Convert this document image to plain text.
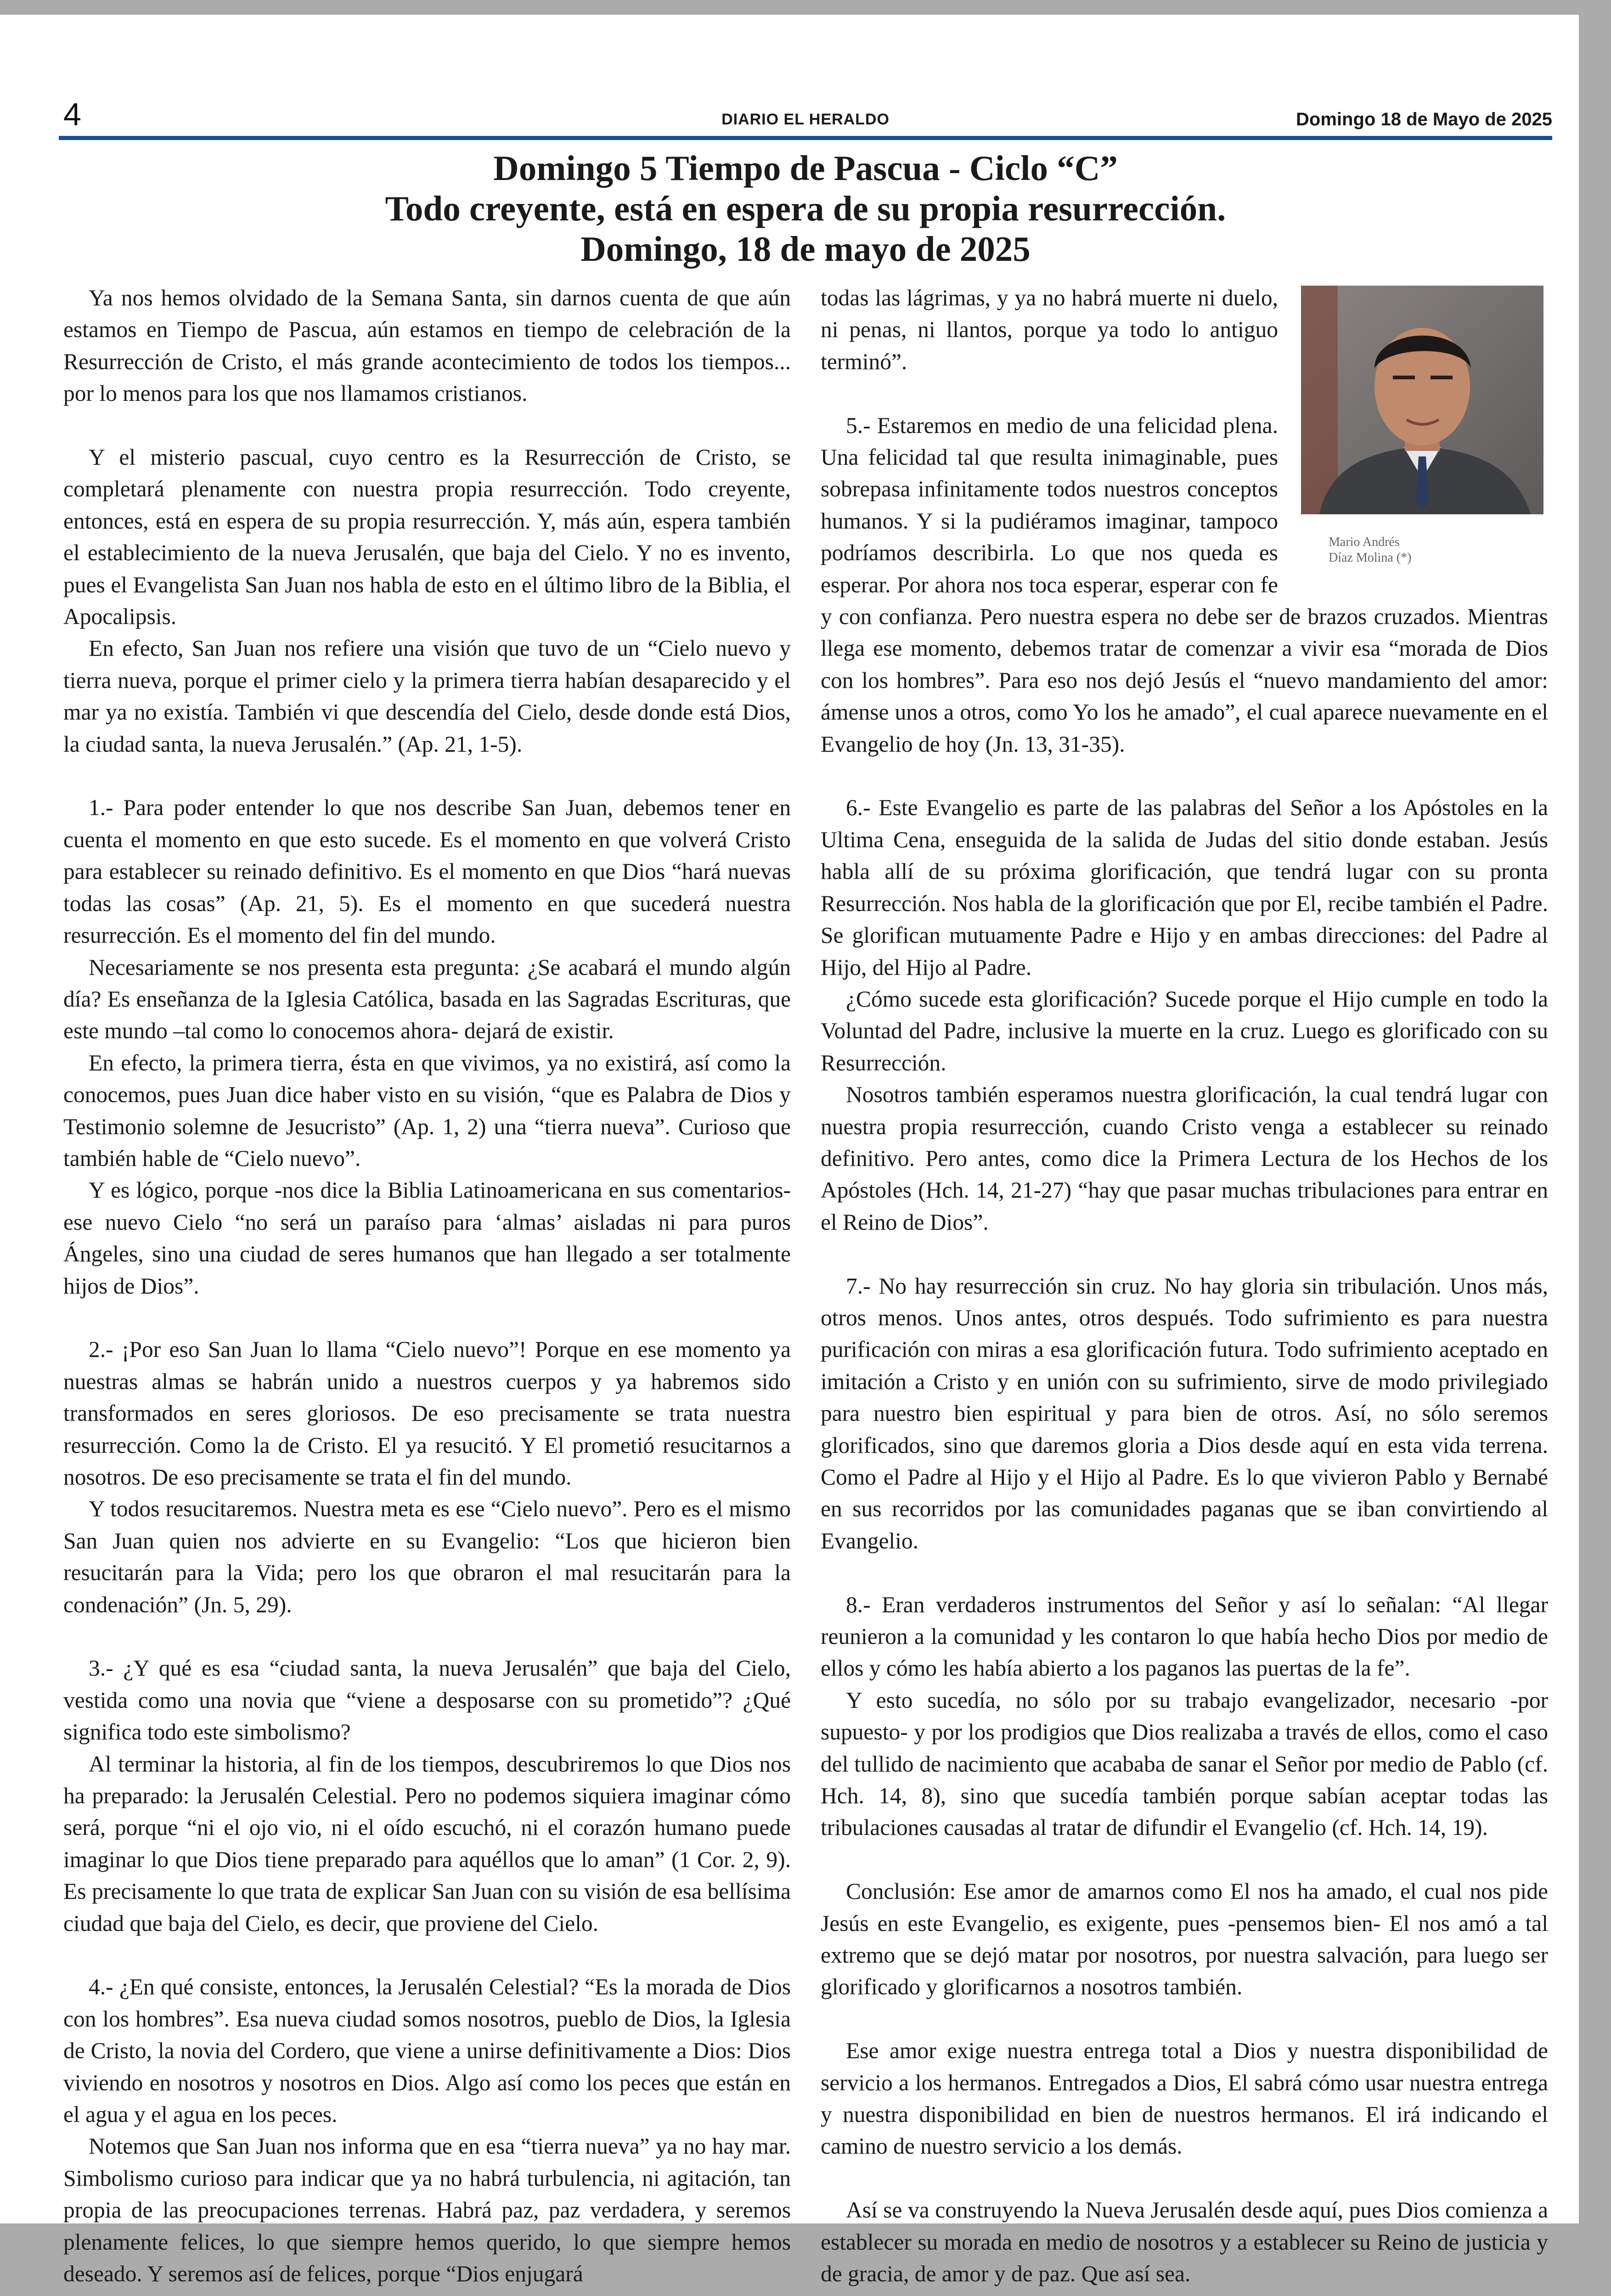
4	DIARIO EL HERALDO	Domingo 18 de Mayo de 2025
Domingo 5 Tiempo de Pascua - Ciclo “C”
Todo creyente, está en espera de su propia resurrección.
Domingo, 18 de mayo de 2025

Ya nos hemos olvidado de la Semana Santa, sin darnos cuenta de que aún estamos en Tiempo de Pascua, aún estamos en tiempo de celebración de la Resurrección de Cristo, el más grande acontecimiento de todos los tiempos... por lo menos para los que nos llamamos cristianos.

Y el misterio pascual, cuyo centro es la Resurrección de Cristo, se completará plenamente con nuestra propia resurrección. Todo creyente, entonces, está en espera de su propia resurrección. Y, más aún, espera también el establecimiento de la nueva Jerusalén, que baja del Cielo. Y no es invento, pues el Evangelista San Juan nos habla de esto en el último libro de la Biblia, el Apocalipsis.

En efecto, San Juan nos refiere una visión que tuvo de un “Cielo nuevo y tierra nueva, porque el primer cielo y la primera tierra habían desaparecido y el mar ya no existía. También vi que descendía del Cielo, desde donde está Dios, la ciudad santa, la nueva Jerusalén.” (Ap. 21, 1-5).

1.- Para poder entender lo que nos describe San Juan, debemos tener en cuenta el momento en que esto sucede. Es el momento en que volverá Cristo para establecer su reinado definitivo. Es el momento en que Dios “hará nuevas todas las cosas” (Ap. 21, 5). Es el momento en que sucederá nuestra resurrección. Es el momento del fin del mundo.

Necesariamente se nos presenta esta pregunta: ¿Se acabará el mundo algún día? Es enseñanza de la Iglesia Católica, basada en las Sagradas Escrituras, que este mundo –tal como lo conocemos ahora- dejará de existir.

En efecto, la primera tierra, ésta en que vivimos, ya no existirá, así como la conocemos, pues Juan dice haber visto en su visión, “que es Palabra de Dios y Testimonio solemne de Jesucristo” (Ap. 1, 2) una “tierra nueva”. Curioso que también hable de “Cielo nuevo”.

Y es lógico, porque -nos dice la Biblia Latinoamericana en sus comentarios- ese nuevo Cielo “no será un paraíso para ‘almas’ aisladas ni para puros Ángeles, sino una ciudad de seres humanos que han llegado a ser totalmente hijos de Dios”.

2.- ¡Por eso San Juan lo llama “Cielo nuevo”! Porque en ese momento ya nuestras almas se habrán unido a nuestros cuerpos y ya habremos sido transformados en seres gloriosos. De eso precisamente se trata nuestra resurrección. Como la de Cristo. El ya resucitó. Y El prometió resucitarnos a nosotros. De eso precisamente se trata el fin del mundo.

Y todos resucitaremos. Nuestra meta es ese “Cielo nuevo”. Pero es el mismo San Juan quien nos advierte en su Evangelio: “Los que hicieron bien resucitarán para la Vida; pero los que obraron el mal resucitarán para la condenación” (Jn. 5, 29).

3.- ¿Y qué es esa “ciudad santa, la nueva Jerusalén” que baja del Cielo, vestida como una novia que “viene a desposarse con su prometido”? ¿Qué significa todo este simbolismo?

Al terminar la historia, al fin de los tiempos, descubriremos lo que Dios nos ha preparado: la Jerusalén Celestial. Pero no podemos siquiera imaginar cómo será, porque “ni el ojo vio, ni el oído escuchó, ni el corazón humano puede imaginar lo que Dios tiene preparado para aquéllos que lo aman” (1 Cor. 2, 9). Es precisamente lo que trata de explicar San Juan con su visión de esa bellísima ciudad que baja del Cielo, es decir, que proviene del Cielo.

4.- ¿En qué consiste, entonces, la Jerusalén Celestial? “Es la morada de Dios con los hombres”. Esa nueva ciudad somos nosotros, pueblo de Dios, la Iglesia de Cristo, la novia del Cordero, que viene a unirse definitivamente a Dios: Dios viviendo en nosotros y nosotros en Dios. Algo así como los peces que están en el agua y el agua en los peces.

Notemos que San Juan nos informa que en esa “tierra nueva” ya no hay mar. Simbolismo curioso para indicar que ya no habrá turbulencia, ni agitación, tan propia de las preocupaciones terrenas. Habrá paz, paz verdadera, y seremos plenamente felices, lo que siempre hemos querido, lo que siempre hemos deseado. Y seremos así de felices, porque “Dios enjugará

Mario Andrés
Díaz Molina (*)

todas las lágrimas, y ya no habrá muerte ni duelo, ni penas, ni llantos, porque ya todo lo antiguo terminó”.

5.- Estaremos en medio de una felicidad plena. Una felicidad tal que resulta inimaginable, pues sobrepasa infinitamente todos nuestros conceptos humanos. Y si la pudiéramos imaginar, tampoco podríamos describirla. Lo que nos queda es esperar. Por ahora nos toca esperar, esperar con fe y con confianza. Pero nuestra espera no debe ser de brazos cruzados. Mientras llega ese momento, debemos tratar de comenzar a vivir esa “morada de Dios con los hombres”. Para eso nos dejó Jesús el “nuevo mandamiento del amor: ámense unos a otros, como Yo los he amado”, el cual aparece nuevamente en el Evangelio de hoy (Jn. 13, 31-35).

6.- Este Evangelio es parte de las palabras del Señor a los Apóstoles en la Ultima Cena, enseguida de la salida de Judas del sitio donde estaban. Jesús habla allí de su próxima glorificación, que tendrá lugar con su pronta Resurrección. Nos habla de la glorificación que por El, recibe también el Padre. Se glorifican mutuamente Padre e Hijo y en ambas direcciones: del Padre al Hijo, del Hijo al Padre.

¿Cómo sucede esta glorificación? Sucede porque el Hijo cumple en todo la Voluntad del Padre, inclusive la muerte en la cruz. Luego es glorificado con su Resurrección.

Nosotros también esperamos nuestra glorificación, la cual tendrá lugar con nuestra propia resurrección, cuando Cristo venga a establecer su reinado definitivo. Pero antes, como dice la Primera Lectura de los Hechos de los Apóstoles (Hch. 14, 21-27) “hay que pasar muchas tribulaciones para entrar en el Reino de Dios”.

7.- No hay resurrección sin cruz. No hay gloria sin tribulación. Unos más, otros menos. Unos antes, otros después. Todo sufrimiento es para nuestra purificación con miras a esa glorificación futura. Todo sufrimiento aceptado en imitación a Cristo y en unión con su sufrimiento, sirve de modo privilegiado para nuestro bien espiritual y para bien de otros. Así, no sólo seremos glorificados, sino que daremos gloria a Dios desde aquí en esta vida terrena. Como el Padre al Hijo y el Hijo al Padre. Es lo que vivieron Pablo y Bernabé en sus recorridos por las comunidades paganas que se iban convirtiendo al Evangelio.

8.- Eran verdaderos instrumentos del Señor y así lo señalan: “Al llegar reunieron a la comunidad y les contaron lo que había hecho Dios por medio de ellos y cómo les había abierto a los paganos las puertas de la fe”.

Y esto sucedía, no sólo por su trabajo evangelizador, necesario -por supuesto- y por los prodigios que Dios realizaba a través de ellos, como el caso del tullido de nacimiento que acababa de sanar el Señor por medio de Pablo (cf. Hch. 14, 8), sino que sucedía también porque sabían aceptar todas las tribulaciones causadas al tratar de difundir el Evangelio (cf. Hch. 14, 19).

Conclusión: Ese amor de amarnos como El nos ha amado, el cual nos pide Jesús en este Evangelio, es exigente, pues -pensemos bien- El nos amó a tal extremo que se dejó matar por nosotros, por nuestra salvación, para luego ser glorificado y glorificarnos a nosotros también.

Ese amor exige nuestra entrega total a Dios y nuestra disponibilidad de servicio a los hermanos. Entregados a Dios, El sabrá cómo usar nuestra entrega y nuestra disponibilidad en bien de nuestros hermanos. El irá indicando el camino de nuestro servicio a los demás.

Así se va construyendo la Nueva Jerusalén desde aquí, pues Dios comienza a establecer su morada en medio de nosotros y a establecer su Reino de justicia y de gracia, de amor y de paz. Que así sea.
